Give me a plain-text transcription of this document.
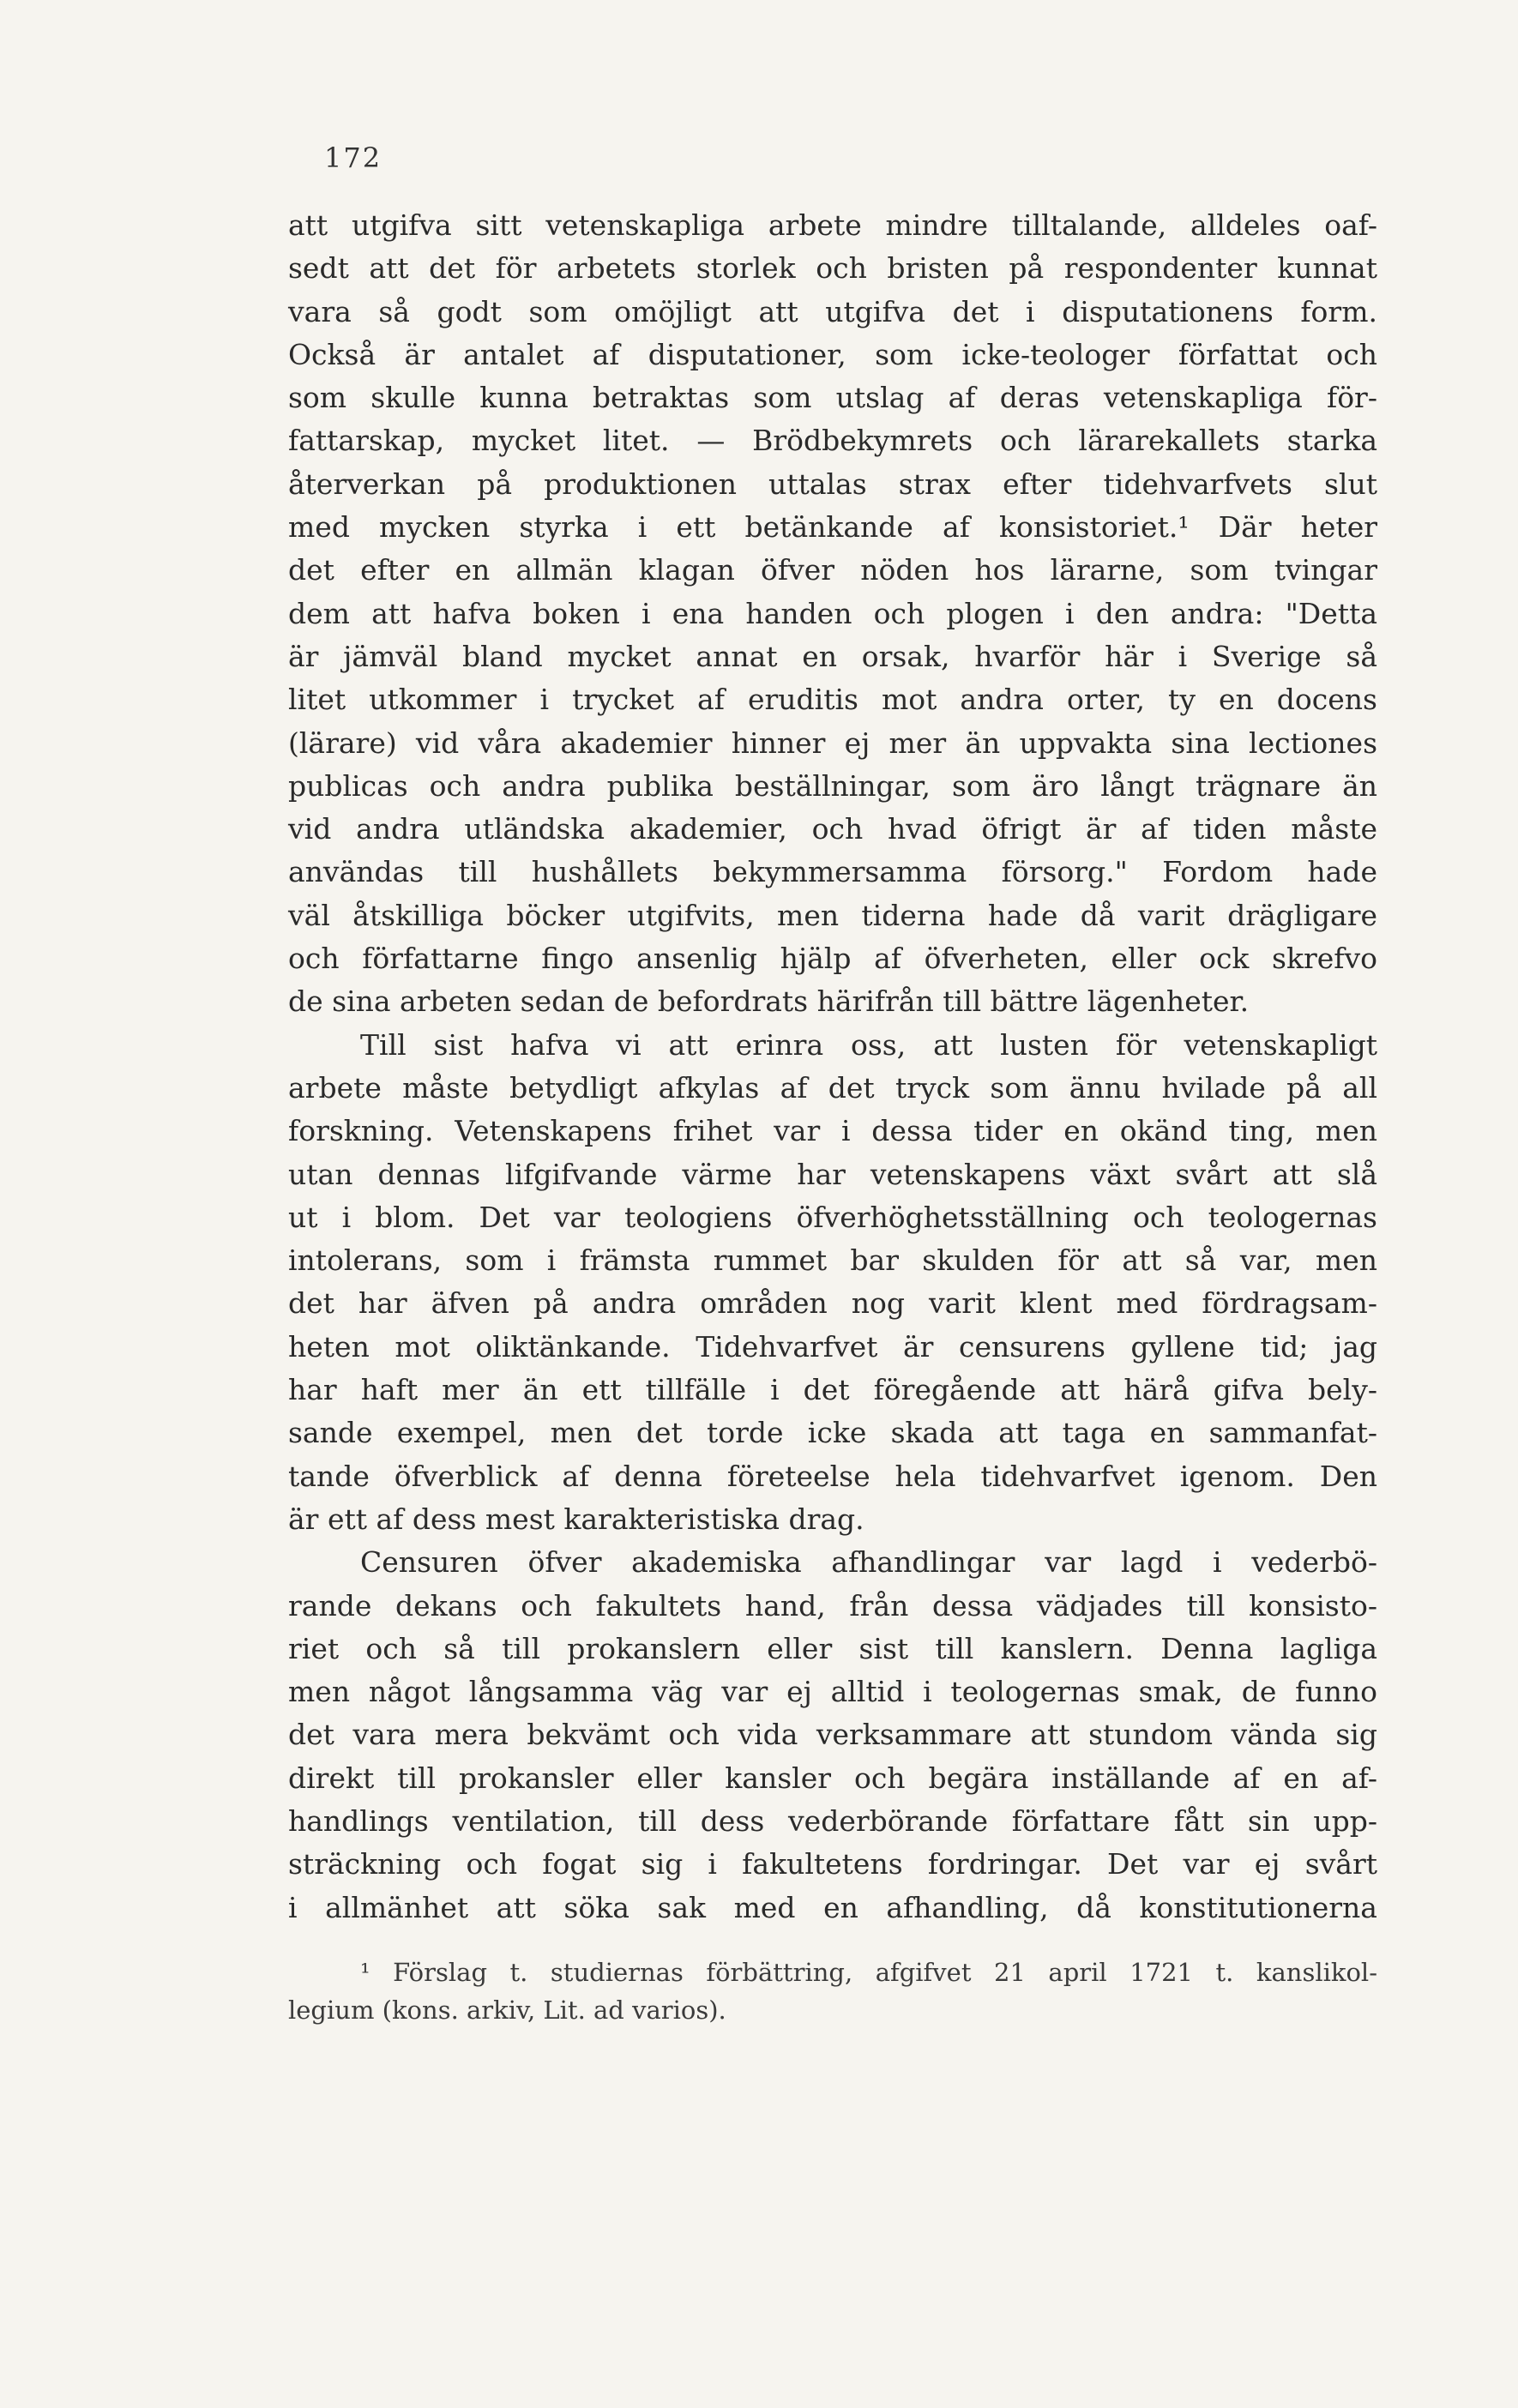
172
att utgifva sitt vetenskapliga arbete mindre tilltalande, alldeles oaf-
sedt att det för arbetets storlek och bristen på respondenter kunnat
vara så godt som omöjligt att utgifva det i disputationens form.
Också är antalet af disputationer, som icke-teologer författat och
som skulle kunna betraktas som utslag af deras vetenskapliga för-
fattarskap, mycket litet. — Brödbekymrets och lärarekallets starka
återverkan på produktionen uttalas strax efter tidehvarfvets slut
med mycken styrka i ett betänkande af konsistoriet.¹ Där heter
det efter en allmän klagan öfver nöden hos lärarne, som tvingar
dem att hafva boken i ena handen och plogen i den andra: "Detta
är jämväl bland mycket annat en orsak, hvarför här i Sverige så
litet utkommer i trycket af eruditis mot andra orter, ty en docens
(lärare) vid våra akademier hinner ej mer än uppvakta sina lectiones
publicas och andra publika beställningar, som äro långt trägnare än
vid andra utländska akademier, och hvad öfrigt är af tiden måste
användas till hushållets bekymmersamma försorg." Fordom hade
väl åtskilliga böcker utgifvits, men tiderna hade då varit drägligare
och författarne fingo ansenlig hjälp af öfverheten, eller ock skrefvo
de sina arbeten sedan de befordrats härifrån till bättre lägenheter.
Till sist hafva vi att erinra oss, att lusten för vetenskapligt
arbete måste betydligt afkylas af det tryck som ännu hvilade på all
forskning. Vetenskapens frihet var i dessa tider en okänd ting, men
utan dennas lifgifvande värme har vetenskapens växt svårt att slå
ut i blom. Det var teologiens öfverhöghetsställning och teologernas
intolerans, som i främsta rummet bar skulden för att så var, men
det har äfven på andra områden nog varit klent med fördragsam-
heten mot oliktänkande. Tidehvarfvet är censurens gyllene tid; jag
har haft mer än ett tillfälle i det föregående att härå gifva bely-
sande exempel, men det torde icke skada att taga en sammanfat-
tande öfverblick af denna företeelse hela tidehvarfvet igenom. Den
är ett af dess mest karakteristiska drag.
Censuren öfver akademiska afhandlingar var lagd i vederbö-
rande dekans och fakultets hand, från dessa vädjades till konsisto-
riet och så till prokanslern eller sist till kanslern. Denna lagliga
men något långsamma väg var ej alltid i teologernas smak, de funno
det vara mera bekvämt och vida verksammare att stundom vända sig
direkt till prokansler eller kansler och begära inställande af en af-
handlings ventilation, till dess vederbörande författare fått sin upp-
sträckning och fogat sig i fakultetens fordringar. Det var ej svårt
i allmänhet att söka sak med en afhandling, då konstitutionerna
¹ Förslag t. studiernas förbättring, afgifvet 21 april 1721 t. kanslikol-
legium (kons. arkiv, Lit. ad varios).
